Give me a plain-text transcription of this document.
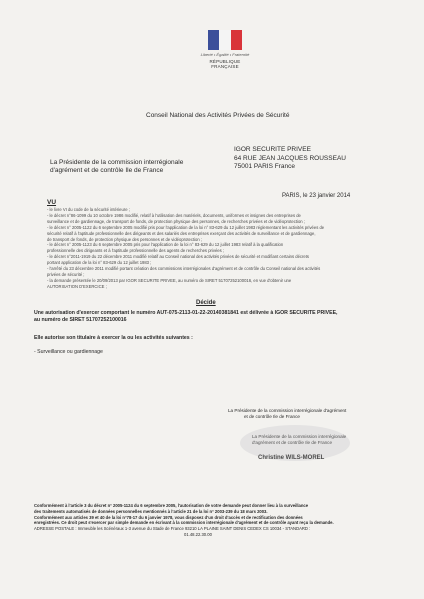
Liberté • Égalité • Fraternité
RÉPUBLIQUE FRANÇAISE
Conseil National des Activités Privées de Sécurité
La Présidente de la commission interrégionale
d'agrément et de contrôle Ile de France
IGOR SECURITE PRIVEE
64 RUE JEAN JACQUES ROUSSEAU
75001 PARIS France
PARIS, le 23 janvier 2014
VU
- le livre VI du code de la sécurité intérieure ;
- le décret n°86-1099 du 10 octobre 1986 modifié, relatif à l'utilisation des matériels, documents, uniformes et insignes des entreprises de
surveillance et de gardiennage, de transport de fonds, de protection physique des personnes, de recherches privées et de vidéoprotection ;
- le décret n° 2005-1122 du 6 septembre 2005 modifié pris pour l'application de la loi n° 83-629 du 12 juillet 1983 réglementant les activités privées de
sécurité relatif à l'aptitude professionnelle des dirigeants et des salariés des entreprises exerçant des activités de surveillance et de gardiennage,
de transport de fonds, de protection physique des personnes et de vidéoprotection ;
- le décret n° 2005-1123 du 6 septembre 2005 pris pour l'application de la loi n° 83-629 du 12 juillet 1983 relatif à la qualification
professionnelle des dirigeants et à l'aptitude professionnelle des agents de recherches privées ;
- le décret n°2011-1919 du 22 décembre 2011 modifié relatif au Conseil national des activités privées de sécurité et modifiant certains décrets
portant application de la loi n° 83-629 du 12 juillet 1983 ;
- l'arrêté du 23 décembre 2011 modifié portant création des commissions interrégionales d'agrément et de contrôle du Conseil national des activités
privées de sécurité ;
- la demande présentée le 20/09/2013 par IGOR SECURITE PRIVEE, au numéro de SIRET 51707252100016, en vue d'obtenir une
AUTORISATION D'EXERCICE ;
Décide
Une autorisation d'exercer comportant le numéro AUT-075-2113-01-22-20140381841 est délivrée à IGOR SECURITE PRIVEE,
au numéro de SIRET 51707252100016
Elle autorise son titulaire à exercer la ou les activités suivantes :
- Surveillance ou gardiennage
La Présidente de la commission interrégionale d'agrément
et de contrôle Ile de France
La Présidente de la commission interrégionale
d'agrément et de contrôle Ile de France
Christine WILS-MOREL
Conformément à l'article 3 du décret n° 2005-1124 du 6 septembre 2005, l'autorisation de votre demande peut donner lieu à la surveillance
des traitements automatisés de données personnelles mentionnés à l'article 21 de la loi n° 2003-239 du 18 mars 2003.
Conformément aux articles 39 et 40 de la loi n°78-17 du 6 janvier 1978, vous disposez d'un droit d'accès et de rectification des données
enregistrées. Ce droit peut s'exercer par simple demande en écrivant à la commission interrégionale d'agrément et de contrôle ayant reçu la demande.
ADRESSE POSTALE : Immeuble les Scénéraux 1-3 avenue du Stade de France 93210 LA PLAINE SAINT DENIS CEDEX CS 10034 - STANDARD :
01.48.22.30.00
